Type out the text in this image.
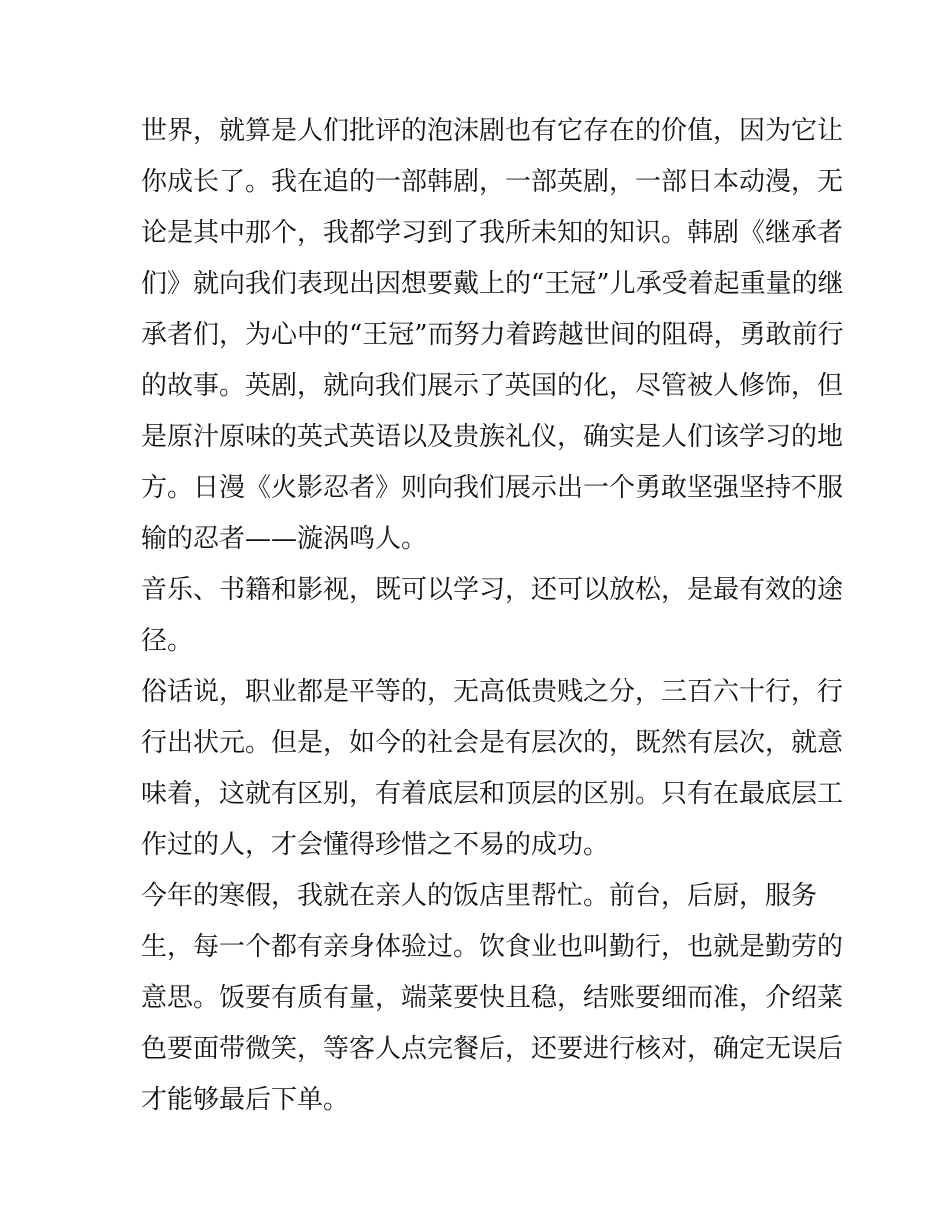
世界，就算是人们批评的泡沫剧也有它存在的价值，因为它让
你成长了。我在追的一部韩剧，一部英剧，一部日本动漫，无
论是其中那个，我都学习到了我所未知的知识。韩剧《继承者
们》就向我们表现出因想要戴上的“王冠”儿承受着起重量的继
承者们，为心中的“王冠”而努力着跨越世间的阻碍，勇敢前行
的故事。英剧，就向我们展示了英国的化，尽管被人修饰，但
是原汁原味的英式英语以及贵族礼仪，确实是人们该学习的地
方。日漫《火影忍者》则向我们展示出一个勇敢坚强坚持不服
输的忍者——漩涡鸣人。
音乐、书籍和影视，既可以学习，还可以放松，是最有效的途
径。
俗话说，职业都是平等的，无高低贵贱之分，三百六十行，行
行出状元。但是，如今的社会是有层次的，既然有层次，就意
味着，这就有区别，有着底层和顶层的区别。只有在最底层工
作过的人，才会懂得珍惜之不易的成功。
今年的寒假，我就在亲人的饭店里帮忙。前台，后厨，服务
生，每一个都有亲身体验过。饮食业也叫勤行，也就是勤劳的
意思。饭要有质有量，端菜要快且稳，结账要细而准，介绍菜
色要面带微笑，等客人点完餐后，还要进行核对，确定无误后
才能够最后下单。
